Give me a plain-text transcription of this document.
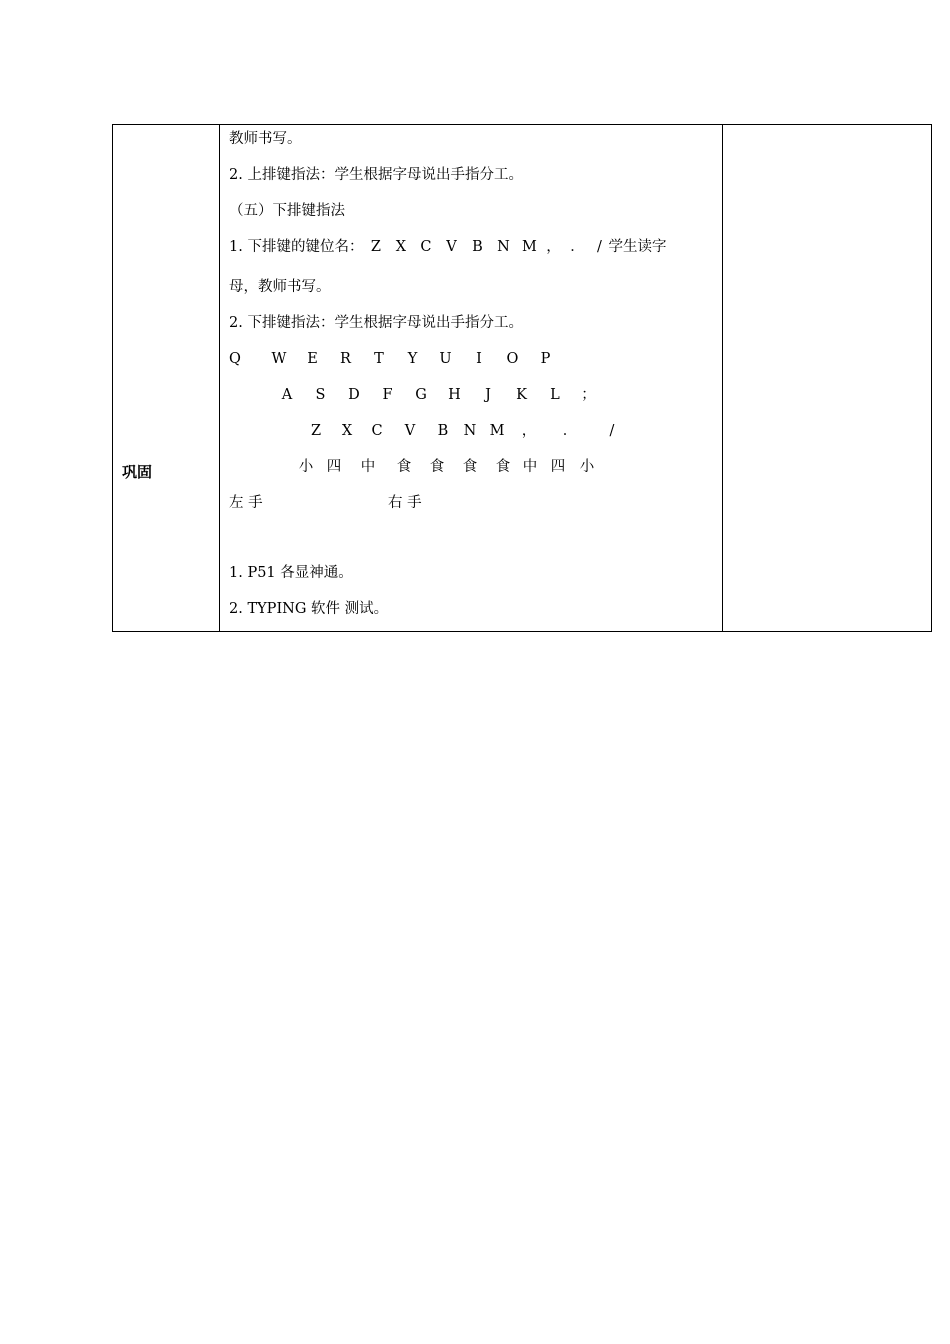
巩固

教师书写。
2. 上排键指法：学生根据字母说出手指分工。
（五）下排键指法
1. 下排键的键位名： Z X C V B N M ， ． / 学生读字
母，教师书写。
2. 下排键指法：学生根据字母说出手指分工。
Q W E R T Y U I O P
A S D F G H J K L ；
Z X C V B N M ， ． /
小 四 中 食 食 食 食 中 四 小
左 手	右 手
1. P51 各显神通。
2. TYPING 软件 测试。
